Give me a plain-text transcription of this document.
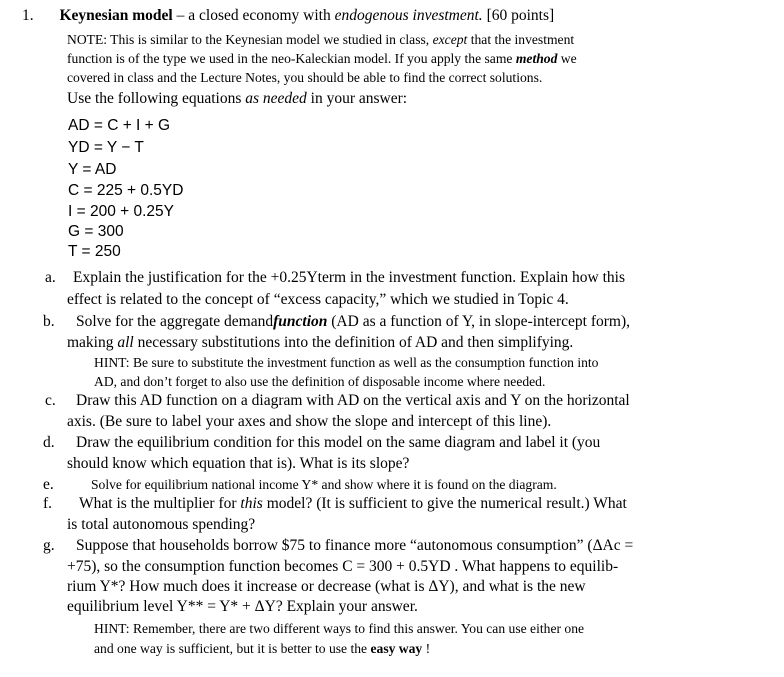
1. Keynesian model – a closed economy with endogenous investment. [60 points]
NOTE: This is similar to the Keynesian model we studied in class, except that the investment
function is of the type we used in the neo-Kaleckian model. If you apply the same method we
covered in class and the Lecture Notes, you should be able to find the correct solutions.
Use the following equations as needed in your answer:
AD = C + I + G
YD = Y − T
Y = AD
C = 225 + 0.5YD
I = 200 + 0.25Y
G = 300
T = 250
a. Explain the justification for the +0.25Yterm in the investment function. Explain how this
effect is related to the concept of “excess capacity,” which we studied in Topic 4.
b. Solve for the aggregate demandfunction (AD as a function of Y, in slope-intercept form),
making all necessary substitutions into the definition of AD and then simplifying.
HINT: Be sure to substitute the investment function as well as the consumption function into
AD, and don’t forget to also use the definition of disposable income where needed.
c. Draw this AD function on a diagram with AD on the vertical axis and Y on the horizontal
axis. (Be sure to label your axes and show the slope and intercept of this line).
d. Draw the equilibrium condition for this model on the same diagram and label it (you
should know which equation that is). What is its slope?
e.	Solve for equilibrium national income Y* and show where it is found on the diagram.
f. What is the multiplier for this model? (It is sufficient to give the numerical result.) What
is total autonomous spending?
g. Suppose that households borrow $75 to finance more “autonomous consumption” (ΔAc =
+75), so the consumption function becomes C = 300 + 0.5YD . What happens to equilib-
rium Y*? How much does it increase or decrease (what is ΔY), and what is the new
equilibrium level Y** = Y* + ΔY? Explain your answer.
HINT: Remember, there are two different ways to find this answer. You can use either one
and one way is sufficient, but it is better to use the easy way !
